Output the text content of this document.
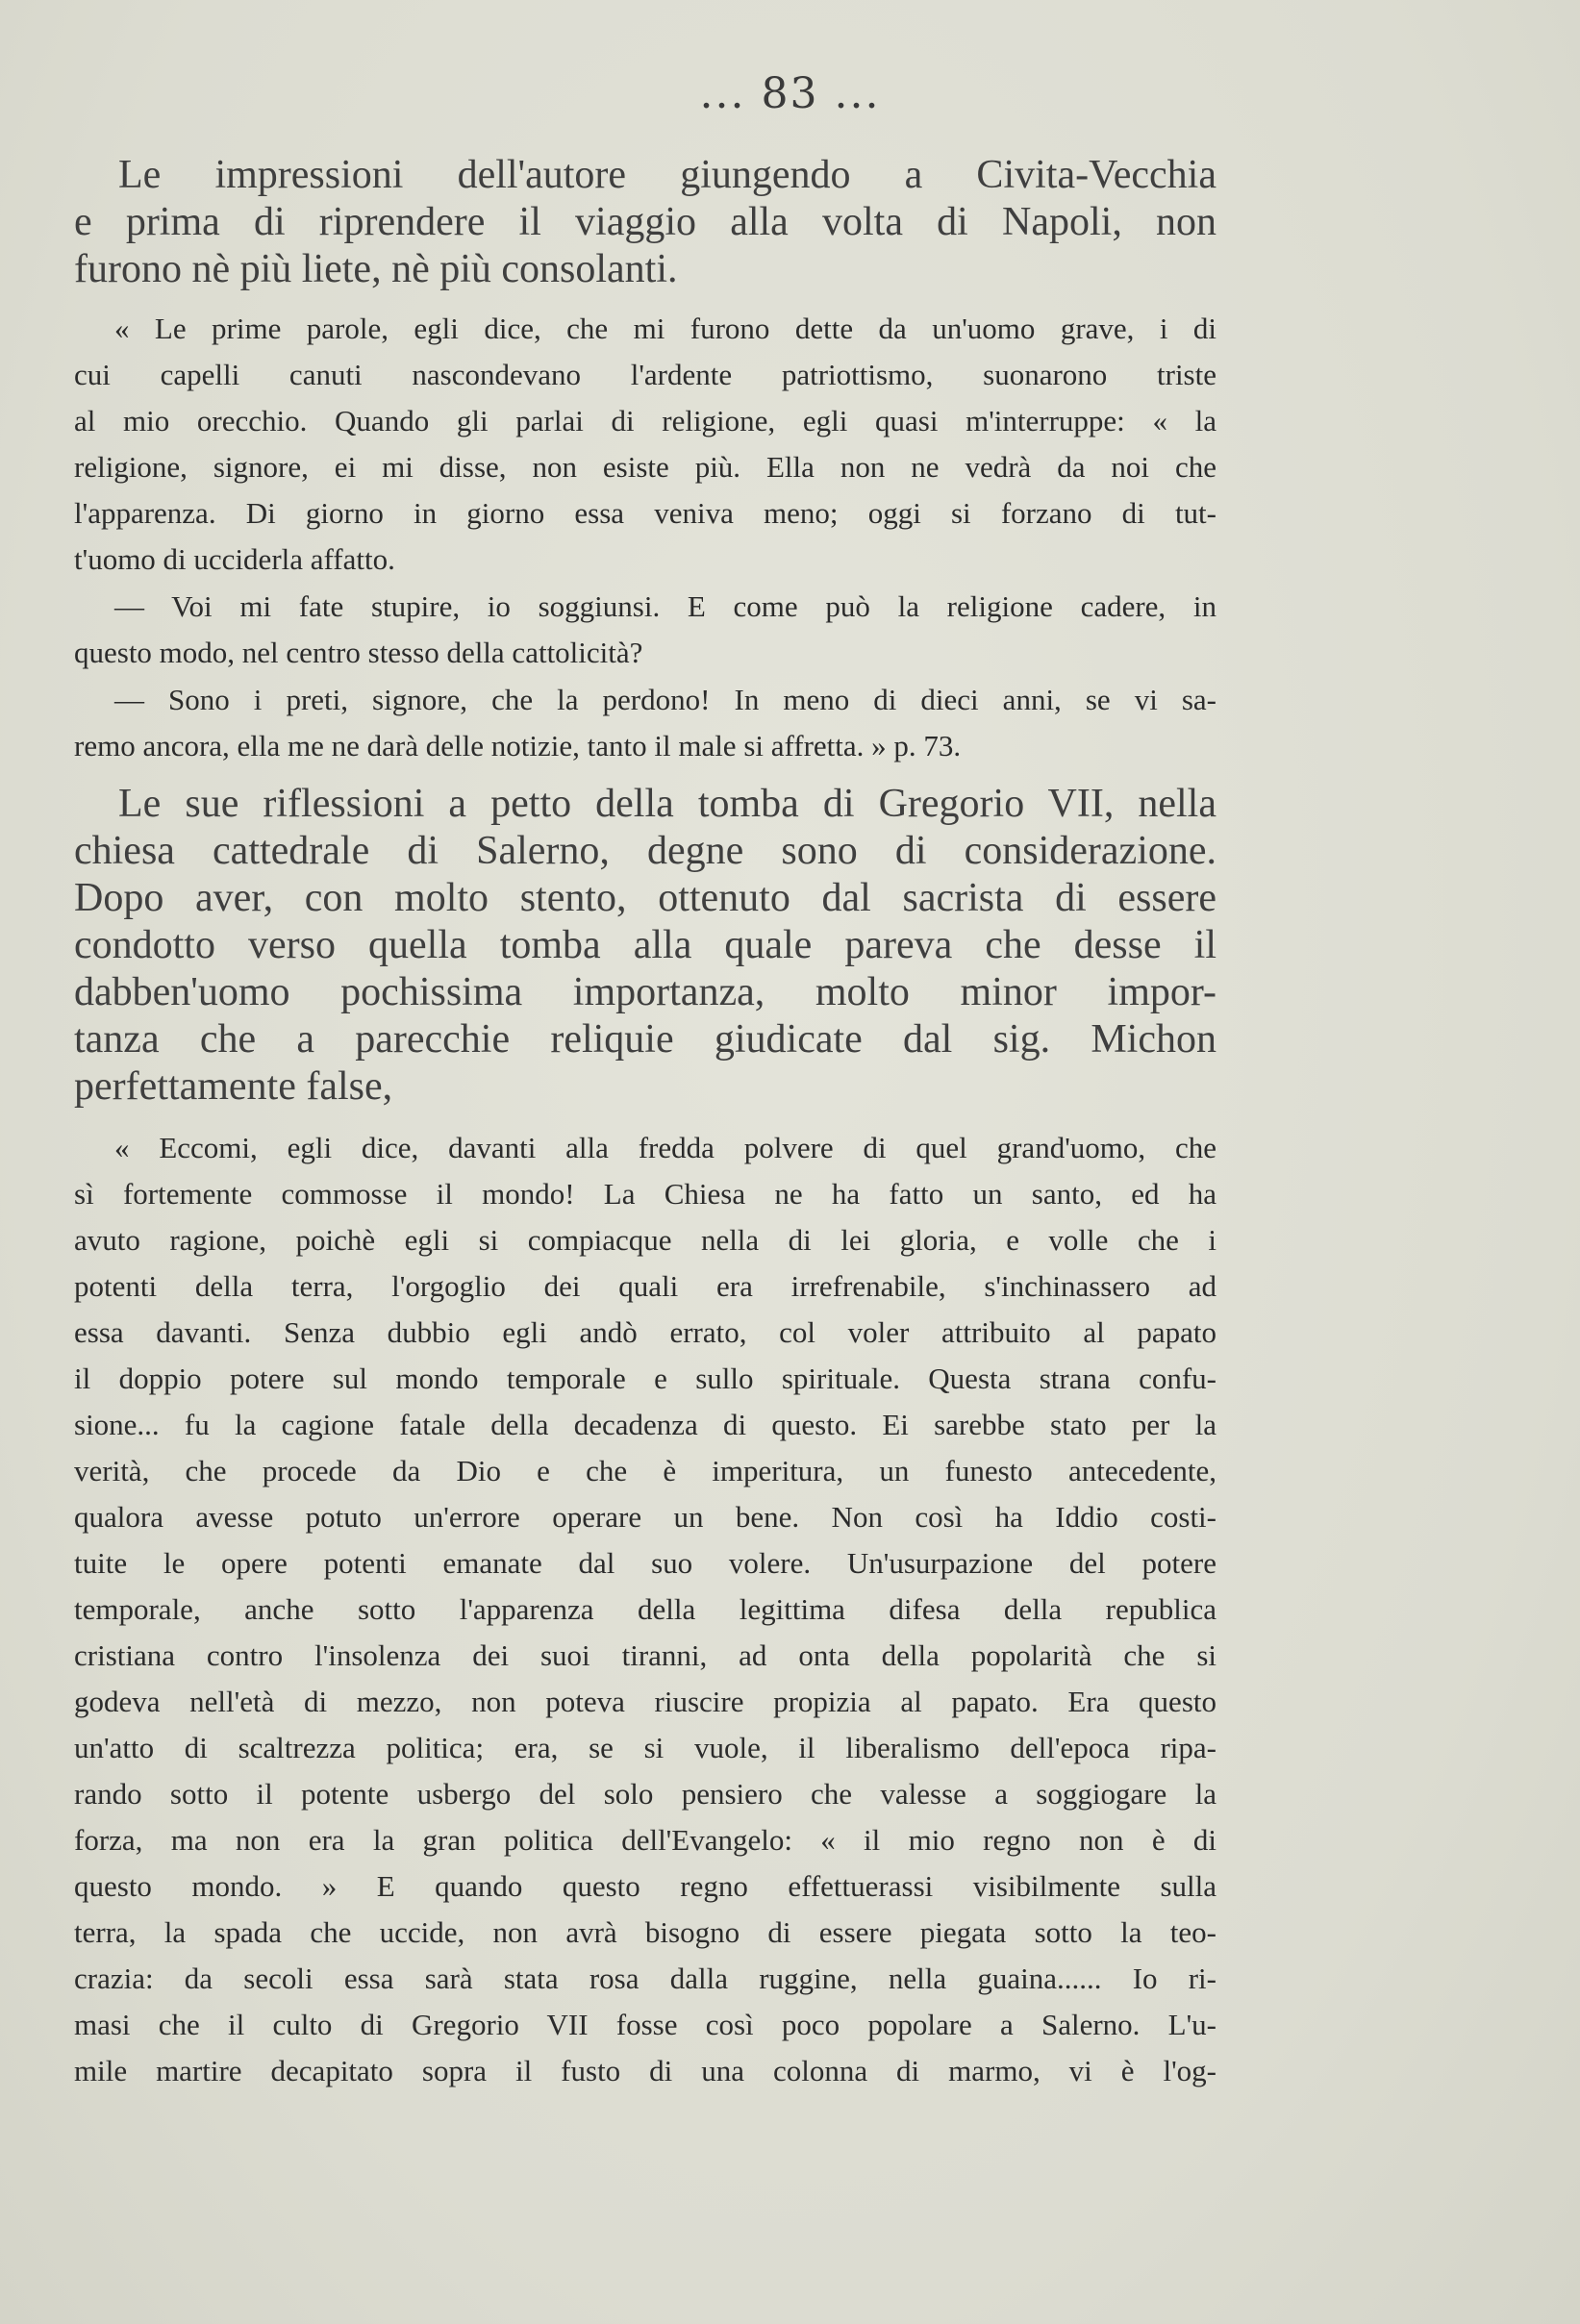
... 83 ...
Le impressioni dell'autore giungendo a Civita-Vecchia
e prima di riprendere il viaggio alla volta di Napoli, non
furono nè più liete, nè più consolanti.
« Le prime parole, egli dice, che mi furono dette da un'uomo grave, i di
cui capelli canuti nascondevano l'ardente patriottismo, suonarono triste
al mio orecchio. Quando gli parlai di religione, egli quasi m'interruppe: « la
religione, signore, ei mi disse, non esiste più. Ella non ne vedrà da noi che
l'apparenza. Di giorno in giorno essa veniva meno; oggi si forzano di tut-
t'uomo di ucciderla affatto.
— Voi mi fate stupire, io soggiunsi. E come può la religione cadere, in
questo modo, nel centro stesso della cattolicità?
— Sono i preti, signore, che la perdono! In meno di dieci anni, se vi sa-
remo ancora, ella me ne darà delle notizie, tanto il male si affretta. » p. 73.
Le sue riflessioni a petto della tomba di Gregorio VII, nella
chiesa cattedrale di Salerno, degne sono di considerazione.
Dopo aver, con molto stento, ottenuto dal sacrista di essere
condotto verso quella tomba alla quale pareva che desse il
dabben'uomo pochissima importanza, molto minor impor-
tanza che a parecchie reliquie giudicate dal sig. Michon
perfettamente false,
« Eccomi, egli dice, davanti alla fredda polvere di quel grand'uomo, che
sì fortemente commosse il mondo! La Chiesa ne ha fatto un santo, ed ha
avuto ragione, poichè egli si compiacque nella di lei gloria, e volle che i
potenti della terra, l'orgoglio dei quali era irrefrenabile, s'inchinassero ad
essa davanti. Senza dubbio egli andò errato, col voler attribuito al papato
il doppio potere sul mondo temporale e sullo spirituale. Questa strana confu-
sione... fu la cagione fatale della decadenza di questo. Ei sarebbe stato per la
verità, che procede da Dio e che è imperitura, un funesto antecedente,
qualora avesse potuto un'errore operare un bene. Non così ha Iddio costi-
tuite le opere potenti emanate dal suo volere. Un'usurpazione del potere
temporale, anche sotto l'apparenza della legittima difesa della republica
cristiana contro l'insolenza dei suoi tiranni, ad onta della popolarità che si
godeva nell'età di mezzo, non poteva riuscire propizia al papato. Era questo
un'atto di scaltrezza politica; era, se si vuole, il liberalismo dell'epoca ripa-
rando sotto il potente usbergo del solo pensiero che valesse a soggiogare la
forza, ma non era la gran politica dell'Evangelo: « il mio regno non è di
questo mondo. » E quando questo regno effettuerassi visibilmente sulla
terra, la spada che uccide, non avrà bisogno di essere piegata sotto la teo-
crazia: da secoli essa sarà stata rosa dalla ruggine, nella guaina...... Io ri-
masi che il culto di Gregorio VII fosse così poco popolare a Salerno. L'u-
mile martire decapitato sopra il fusto di una colonna di marmo, vi è l'og-
